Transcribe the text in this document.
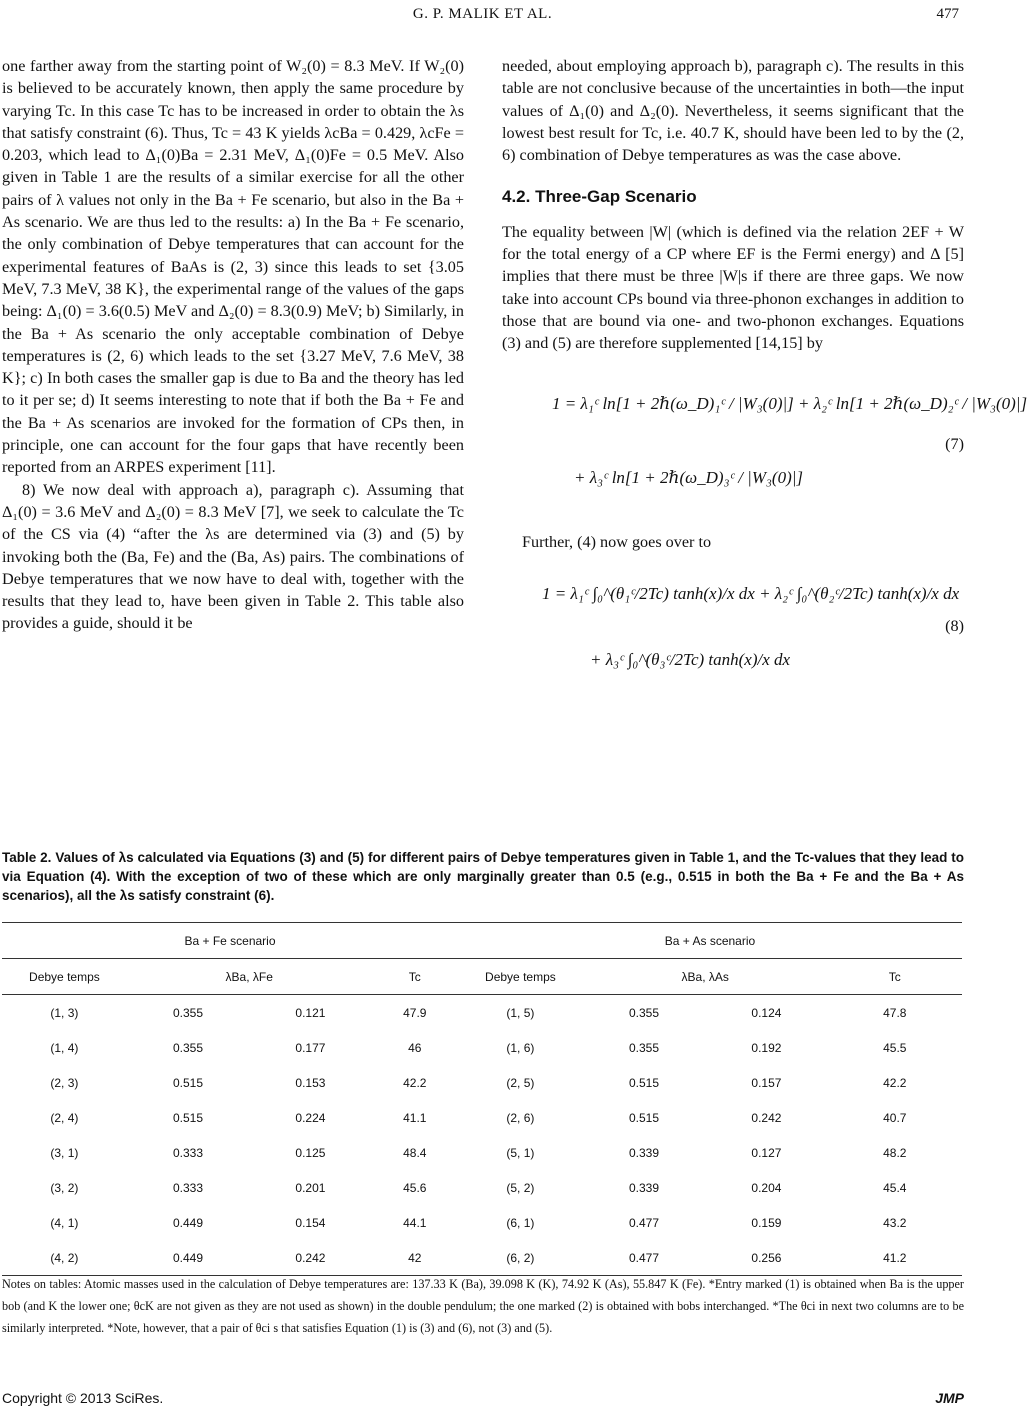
G. P. MALIK ET AL.	477

one farther away from the starting point of W₂(0) = 8.3 MeV. If W₂(0) is believed to be accurately known, then apply the same procedure by varying Tc. In this case Tc has to be increased in order to obtain the λs that satisfy constraint (6). Thus, Tc = 43 K yields λcBa = 0.429, λcFe = 0.203, which lead to Δ₁(0)Ba = 2.31 MeV, Δ₁(0)Fe = 0.5 MeV. Also given in Table 1 are the results of a similar exercise for all the other pairs of λ values not only in the Ba + Fe scenario, but also in the Ba + As scenario. We are thus led to the results: a) In the Ba + Fe scenario, the only combination of Debye temperatures that can account for the experimental features of BaAs is (2, 3) since this leads to set {3.05 MeV, 7.3 MeV, 38 K}, the experimental range of the values of the gaps being: Δ₁(0) = 3.6(0.5) MeV and Δ₂(0) = 8.3(0.9) MeV; b) Similarly, in the Ba + As scenario the only acceptable combination of Debye temperatures is (2, 6) which leads to the set {3.27 MeV, 7.6 MeV, 38 K}; c) In both cases the smaller gap is due to Ba and the theory has led to it per se; d) It seems interesting to note that if both the Ba + Fe and the Ba + As scenarios are invoked for the formation of CPs then, in principle, one can account for the four gaps that have recently been reported from an ARPES experiment [11].

8) We now deal with approach a), paragraph c). Assuming that Δ₁(0) = 3.6 MeV and Δ₂(0) = 8.3 MeV [7], we seek to calculate the Tc of the CS via (4) “after the λs are determined via (3) and (5) by invoking both the (Ba, Fe) and the (Ba, As) pairs. The combinations of Debye temperatures that we now have to deal with, together with the results that they lead to, have been given in Table 2. This table also provides a guide, should it be

needed, about employing approach b), paragraph c). The results in this table are not conclusive because of the uncertainties in both—the input values of Δ₁(0) and Δ₂(0). Nevertheless, it seems significant that the lowest best result for Tc, i.e. 40.7 K, should have been led to by the (2, 6) combination of Debye temperatures as was the case above.

4.2. Three-Gap Scenario

The equality between |W| (which is defined via the relation 2EF + W for the total energy of a CP where EF is the Fermi energy) and Δ [5] implies that there must be three |W|s if there are three gaps. We now take into account CPs bound via three-phonon exchanges in addition to those that are bound via one- and two-phonon exchanges. Equations (3) and (5) are therefore supplemented [14,15] by

1 = λ₁ᶜ ln[1 + 2ℏ(ω_D)₁ᶜ / |W₃(0)|] + λ₂ᶜ ln[1 + 2ℏ(ω_D)₂ᶜ / |W₃(0)|]
+ λ₃ᶜ ln[1 + 2ℏ(ω_D)₃ᶜ / |W₃(0)|]
(7)

Further, (4) now goes over to

1 = λ₁ᶜ ∫₀^(θ₁ᶜ/2Tc) tanh(x)/x dx + λ₂ᶜ ∫₀^(θ₂ᶜ/2Tc) tanh(x)/x dx
+ λ₃ᶜ ∫₀^(θ₃ᶜ/2Tc) tanh(x)/x dx
(8)
Table 2. Values of λs calculated via Equations (3) and (5) for different pairs of Debye temperatures given in Table 1, and the Tc-values that they lead to via Equation (4). With the exception of two of these which are only marginally greater than 0.5 (e.g., 0.515 in both the Ba + Fe and the Ba + As scenarios), all the λs satisfy constraint (6).
Ba + Fe scenario				Ba + As scenario			
Debye temps	λBa, λFe		Tc	Debye temps	λBa, λAs		Tc
(1, 3)	0.355	0.121	47.9	(1, 5)	0.355	0.124	47.8
(1, 4)	0.355	0.177	46	(1, 6)	0.355	0.192	45.5
(2, 3)	0.515	0.153	42.2	(2, 5)	0.515	0.157	42.2
(2, 4)	0.515	0.224	41.1	(2, 6)	0.515	0.242	40.7
(3, 1)	0.333	0.125	48.4	(5, 1)	0.339	0.127	48.2
(3, 2)	0.333	0.201	45.6	(5, 2)	0.339	0.204	45.4
(4, 1)	0.449	0.154	44.1	(6, 1)	0.477	0.159	43.2
(4, 2)	0.449	0.242	42	(6, 2)	0.477	0.256	41.2
Notes on tables: Atomic masses used in the calculation of Debye temperatures are: 137.33 K (Ba), 39.098 K (K), 74.92 K (As), 55.847 K (Fe). *Entry marked (1) is obtained when Ba is the upper bob (and K the lower one; θcK are not given as they are not used as shown) in the double pendulum; the one marked (2) is obtained with bobs interchanged. *The θci in next two columns are to be similarly interpreted. *Note, however, that a pair of θci s that satisfies Equation (1) is (3) and (6), not (3) and (5).
Copyright © 2013 SciRes.	JMP
